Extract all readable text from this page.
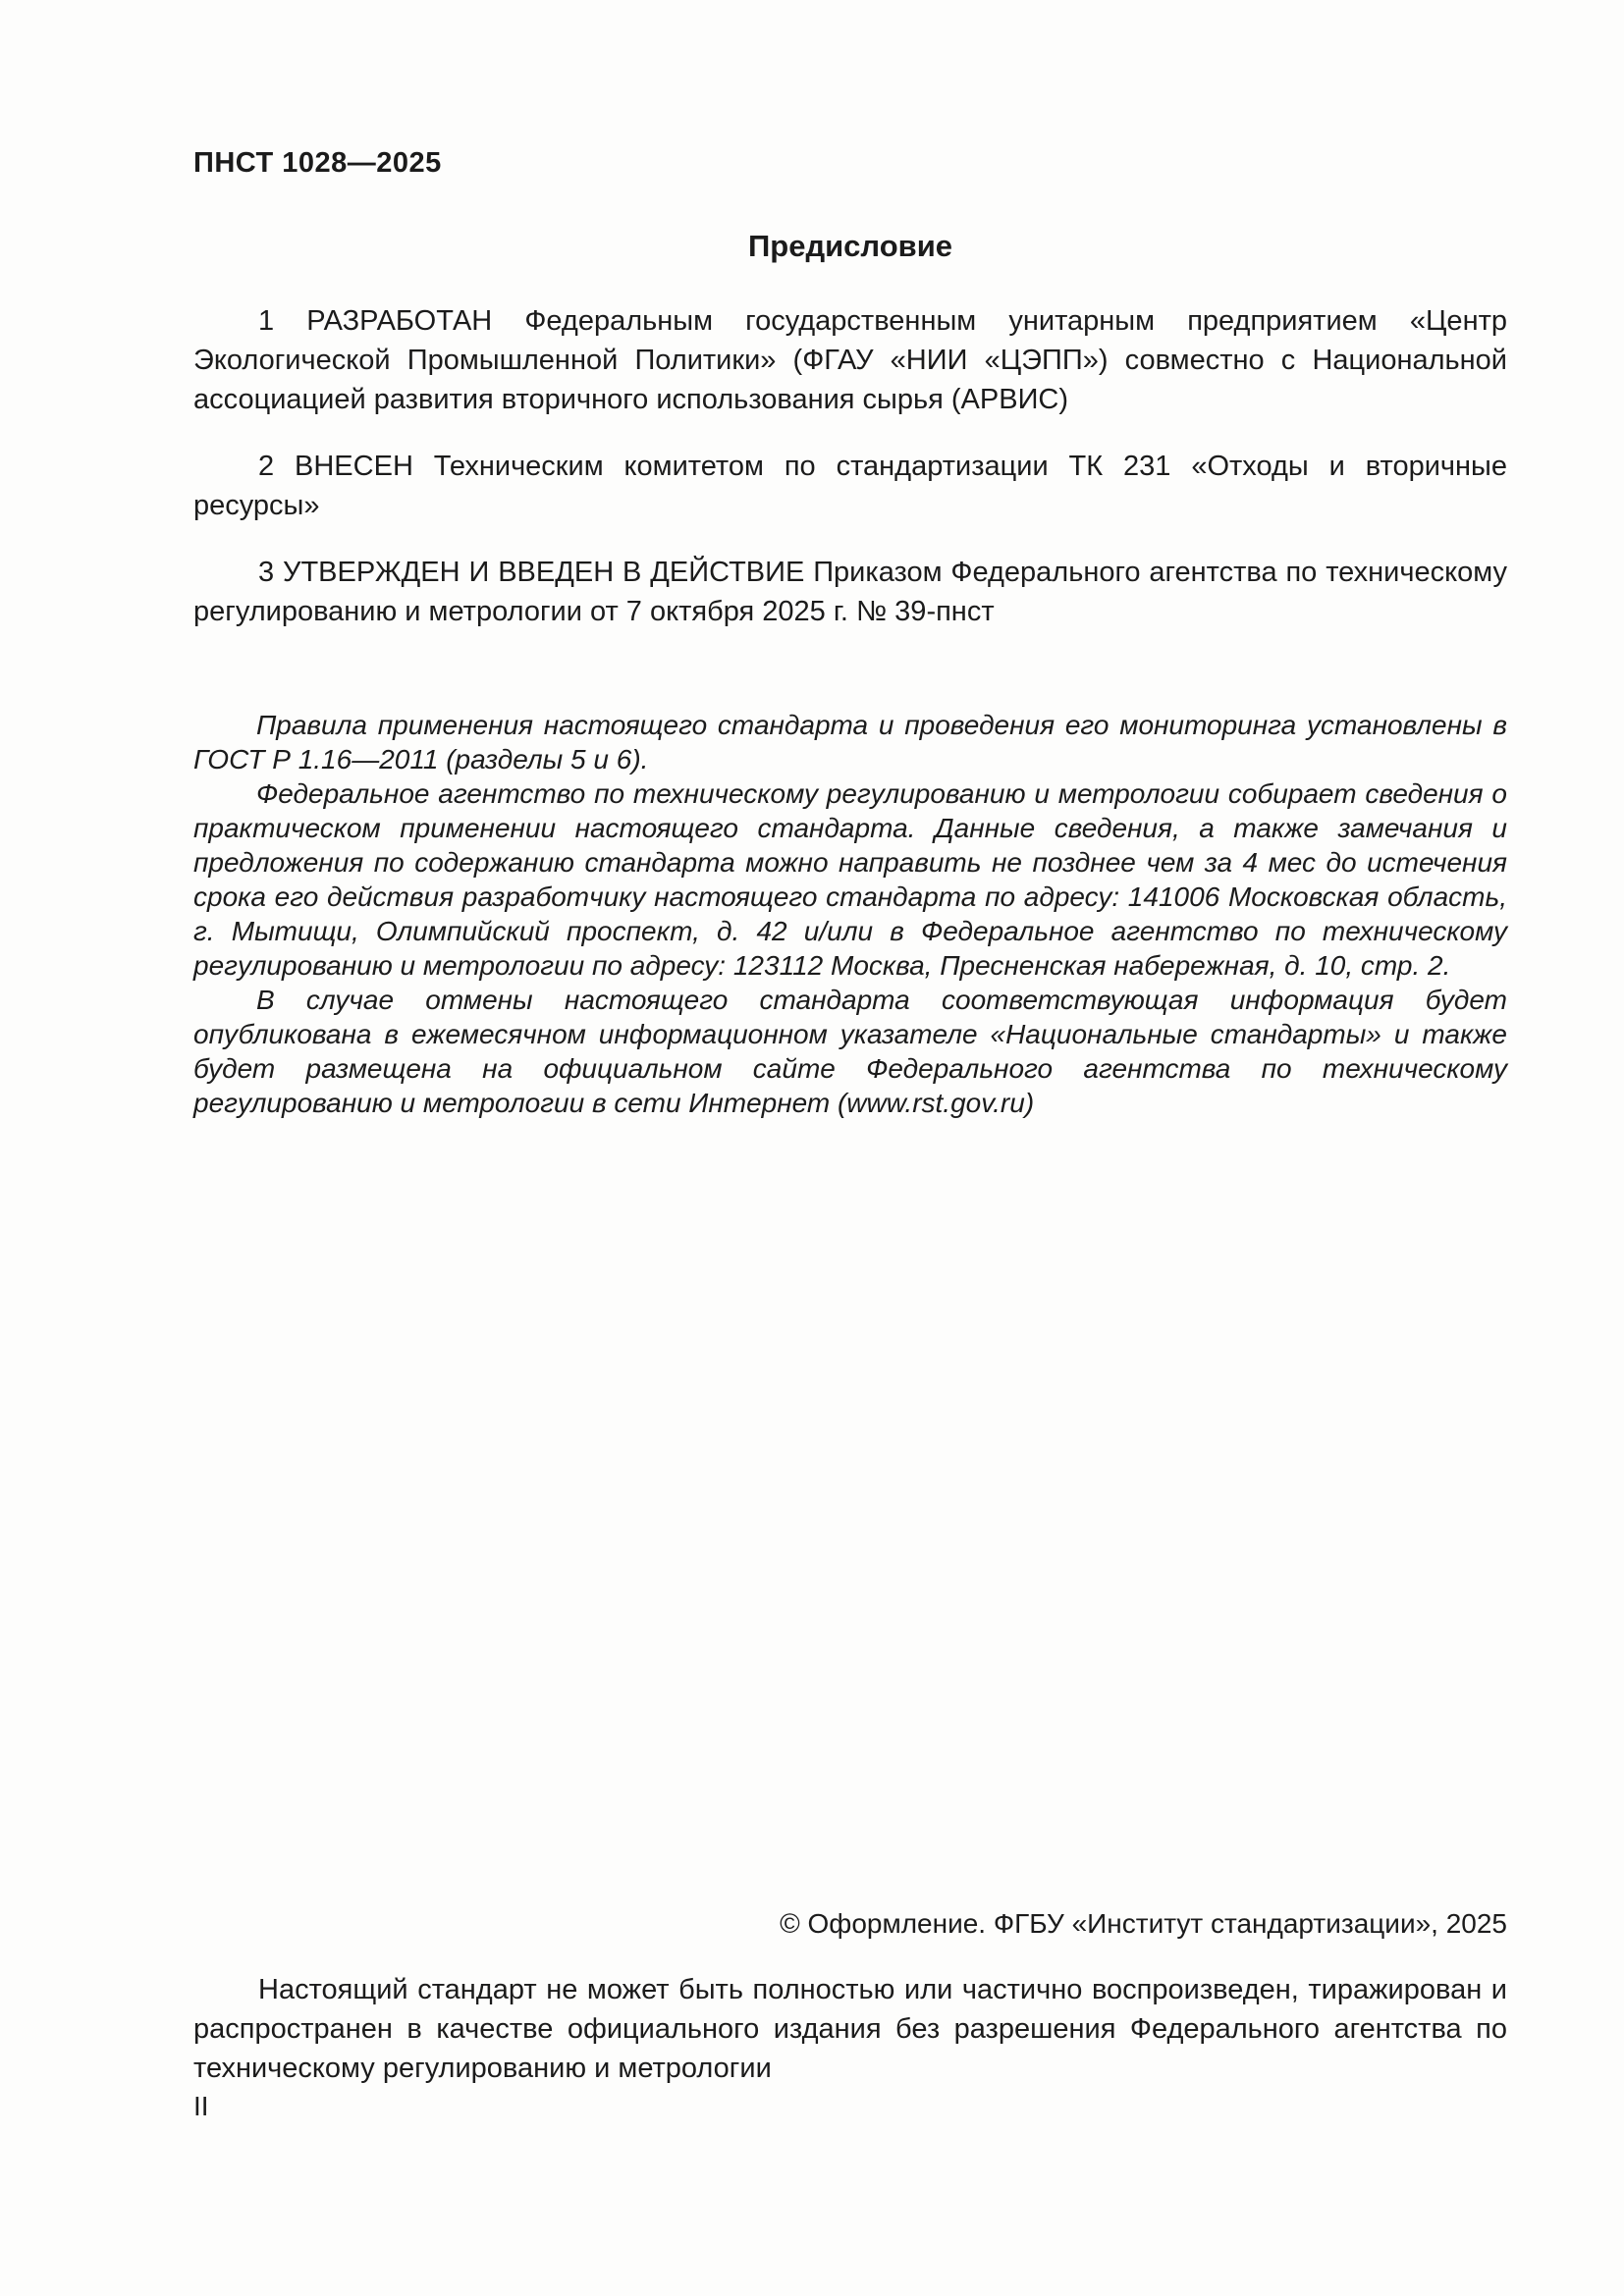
ПНСТ 1028—2025
Предисловие

1 РАЗРАБОТАН Федеральным государственным унитарным предприятием «Центр Экологической Промышленной Политики» (ФГАУ «НИИ «ЦЭПП») совместно с Национальной ассоциацией развития вторичного использования сырья (АРВИС)

2 ВНЕСЕН Техническим комитетом по стандартизации ТК 231 «Отходы и вторичные ресурсы»

3 УТВЕРЖДЕН И ВВЕДЕН В ДЕЙСТВИЕ Приказом Федерального агентства по техническому регулированию и метрологии от 7 октября 2025 г. № 39-пнст

Правила применения настоящего стандарта и проведения его мониторинга установлены в ГОСТ Р 1.16—2011 (разделы 5 и 6).

Федеральное агентство по техническому регулированию и метрологии собирает сведения о практическом применении настоящего стандарта. Данные сведения, а также замечания и предложения по содержанию стандарта можно направить не позднее чем за 4 мес до истечения срока его действия разработчику настоящего стандарта по адресу: 141006 Московская область, г. Мытищи, Олимпийский проспект, д. 42 и/или в Федеральное агентство по техническому регулированию и метрологии по адресу: 123112 Москва, Пресненская набережная, д. 10, стр. 2.

В случае отмены настоящего стандарта соответствующая информация будет опубликована в ежемесячном информационном указателе «Национальные стандарты» и также будет размещена на официальном сайте Федерального агентства по техническому регулированию и метрологии в сети Интернет (www.rst.gov.ru)

© Оформление. ФГБУ «Институт стандартизации», 2025

Настоящий стандарт не может быть полностью или частично воспроизведен, тиражирован и распространен в качестве официального издания без разрешения Федерального агентства по техническому регулированию и метрологии

II
